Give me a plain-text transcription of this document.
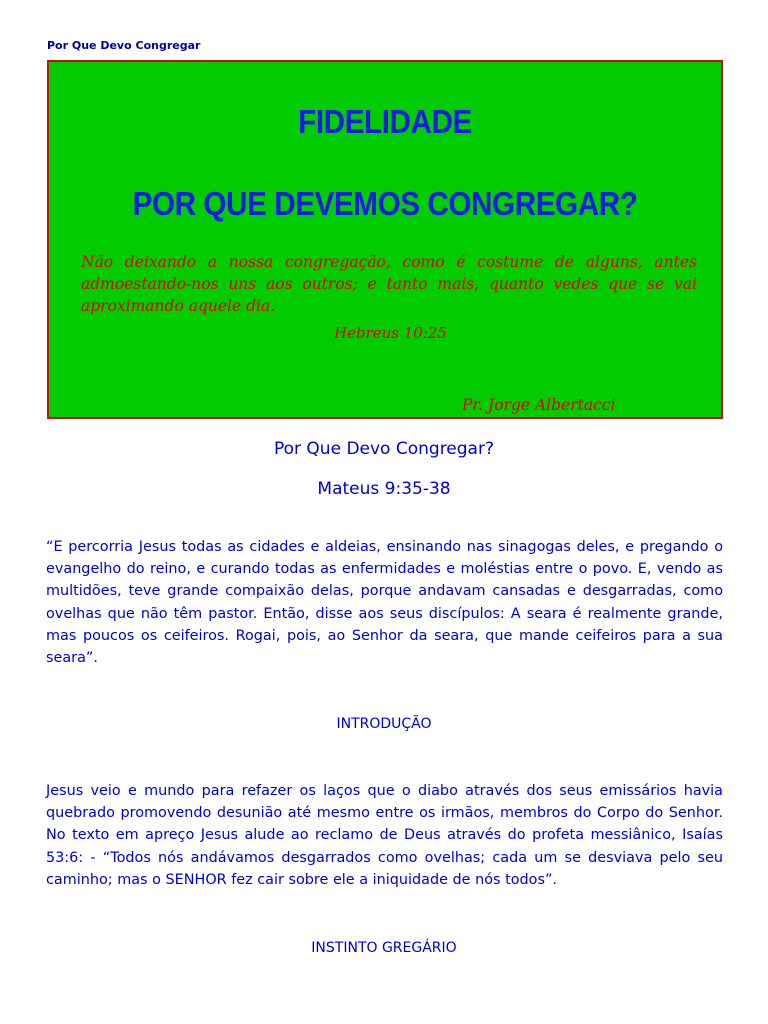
Por Que Devo Congregar
FIDELIDADE
POR QUE DEVEMOS CONGREGAR?
Não deixando a nossa congregação, como é costume de alguns, antes admoestando-nos uns aos outros; e tanto mais, quanto vedes que se vai aproximando aquele dia.
Hebreus 10:25
Pr. Jorge Albertacci
Por Que Devo Congregar?
Mateus 9:35-38
“E percorria Jesus todas as cidades e aldeias, ensinando nas sinagogas deles, e pregando o evangelho do reino, e curando todas as enfermidades e moléstias entre o povo. E, vendo as multidões, teve grande compaixão delas, porque andavam cansadas e desgarradas, como ovelhas que não têm pastor. Então, disse aos seus discípulos: A seara é realmente grande, mas poucos os ceifeiros. Rogai, pois, ao Senhor da seara, que mande ceifeiros para a sua seara”.
INTRODUÇÃO
Jesus veio e mundo para refazer os laços que o diabo através dos seus emissários havia quebrado promovendo desunião até mesmo entre os irmãos, membros do Corpo do Senhor. No texto em apreço Jesus alude ao reclamo de Deus através do profeta messiânico, Isaías 53:6: - “Todos nós andávamos desgarrados como ovelhas; cada um se desviava pelo seu caminho; mas o SENHOR fez cair sobre ele a iniquidade de nós todos”.
INSTINTO GREGÁRIO
